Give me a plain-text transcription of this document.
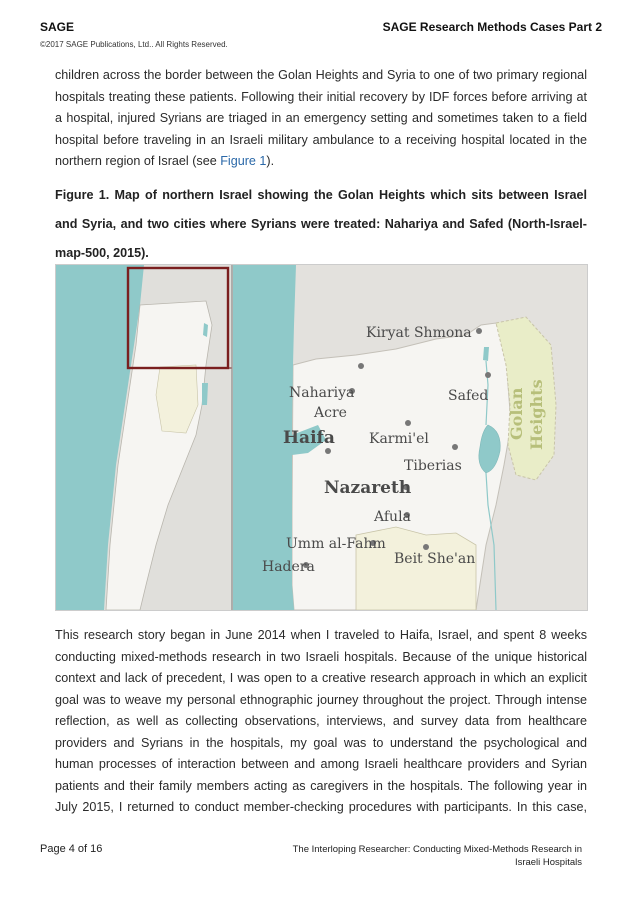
SAGE
©2017 SAGE Publications, Ltd.. All Rights Reserved.
SAGE Research Methods Cases Part 2
children across the border between the Golan Heights and Syria to one of two primary regional
hospitals treating these patients. Following their initial recovery by IDF forces before arriving at
a hospital, injured Syrians are triaged in an emergency setting and sometimes taken to a field
hospital before traveling in an Israeli military ambulance to a receiving hospital located in the
northern region of Israel (see Figure 1).
Figure 1. Map of northern Israel showing the Golan Heights which sits between Israel
and Syria, and two cities where Syrians were treated: Nahariya and Safed (North-Israel-
map-500, 2015).
Kiryat Shmona
Nahariya	Safed
Acre
Haifa Karmi'el
Tiberias
Nazareth
Afula
Umm al-Fahm
Hadera	Beit She'an
Golan Heights
This research story began in June 2014 when I traveled to Haifa, Israel, and spent 8 weeks
conducting mixed-methods research in two Israeli hospitals. Because of the unique historical
context and lack of precedent, I was open to a creative research approach in which an explicit
goal was to weave my personal ethnographic journey throughout the project. Through intense
reflection, as well as collecting observations, interviews, and survey data from healthcare
providers and Syrians in the hospitals, my goal was to understand the psychological and
human processes of interaction between and among Israeli healthcare providers and Syrian
patients and their family members acting as caregivers in the hospitals. The following year in
July 2015, I returned to conduct member-checking procedures with participants. In this case,
Page 4 of 16	The Interloping Researcher: Conducting Mixed-Methods Research in
Israeli Hospitals
